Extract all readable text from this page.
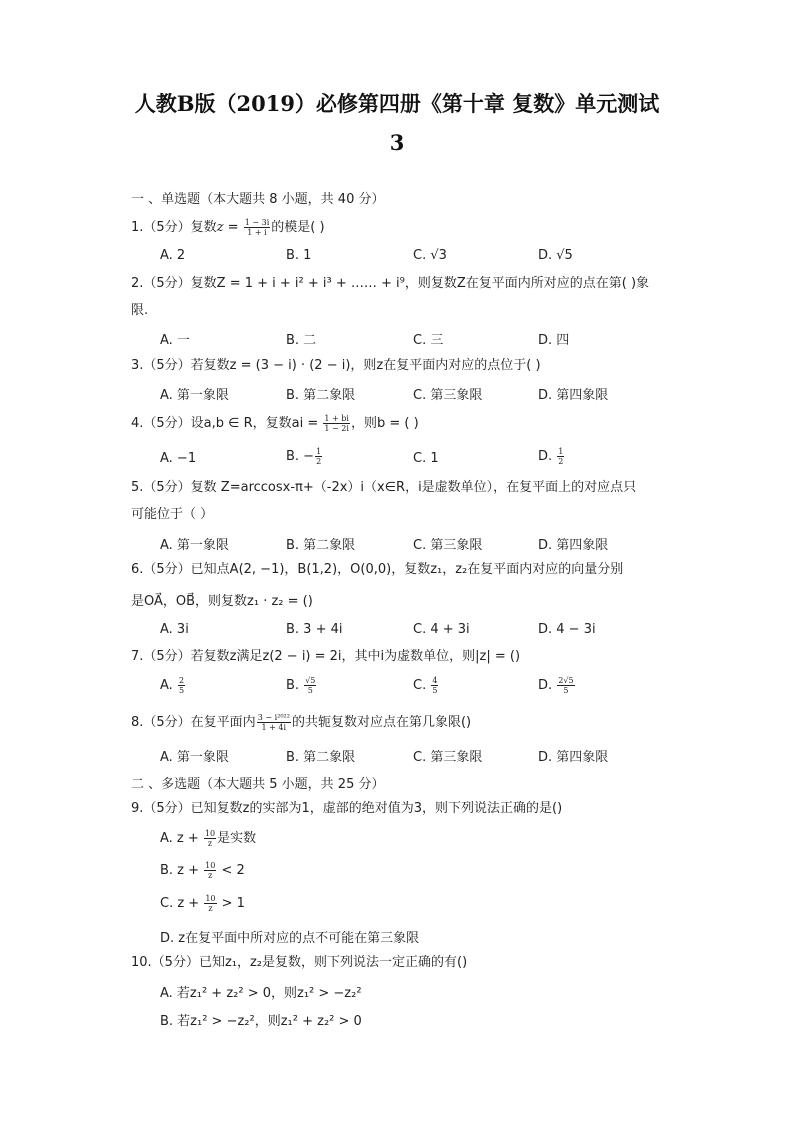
人教B版（2019）必修第四册《第十章 复数》单元测试
3
一 、单选题（本大题共 8 小题，共 40 分）
1.（5分）复数$z = \frac{1 - 3i}{1 + i}$ 的模是( )
A. 2	B. 1	C. √3	D. √5
2.（5分）复数Z = 1 + i + i² + i³ + …… + i⁹，则复数Z在复平面内所对应的点在第( )象
限.
A. 一	B. 二	C. 三	D. 四
3.（5分）若复数z = (3 − i) · (2 − i)，则z在复平面内对应的点位于( )
A. 第一象限	B. 第二象限	C. 第三象限	D. 第四象限
4.（5分）设a,b ∈ R，复数ai = $\frac{1 + bi}{1 - 2i}$ ，则b = ( )
A. −1	B. − $\frac{1}{2}$	C. 1	D. $\frac{1}{2}$
5.（5分）复数 Z=arccosx-π+（-2x）i（x∈R，i是虚数单位），在复平面上的对应点只
可能位于（ ）
A. 第一象限	B. 第二象限	C. 第三象限	D. 第四象限
6.（5分）已知点A(2, −1)，B(1,2)，O(0,0)，复数z₁，z₂在复平面内对应的向量分别
是OA⃗，OB⃗，则复数z₁ · z₂ = ()
A. 3i	B. 3 + 4i	C. 4 + 3i	D. 4 − 3i
7.（5分）若复数z满足z(2 − i) = 2i，其中i为虚数单位，则|z| = ()
A. $\frac{2}{5}$	B. $\frac{√5}{5}$	C. $\frac{4}{5}$	D. $\frac{2√5}{5}$
8.（5分）在复平面内 $\frac{\text{3 − i²⁰²²}}{1 + 4i}$ 的共轭复数对应点在第几象限()
A. 第一象限	B. 第二象限	C. 第三象限	D. 第四象限
二 、多选题（本大题共 5 小题，共 25 分）
9.（5分）已知复数z的实部为1，虚部的绝对值为3，则下列说法正确的是()
A. $z + \frac{10}{z}$ 是实数
B. $z + \frac{10}{z} < 2$
C. $z + \frac{10}{z} > 1$
D. z在复平面中所对应的点不可能在第三象限
10.（5分）已知z₁，z₂是复数，则下列说法一定正确的有()
A. 若z₁² + z₂² > 0，则z₁² > −z₂²
B. 若z₁² > −z₂²，则z₁² + z₂² > 0
